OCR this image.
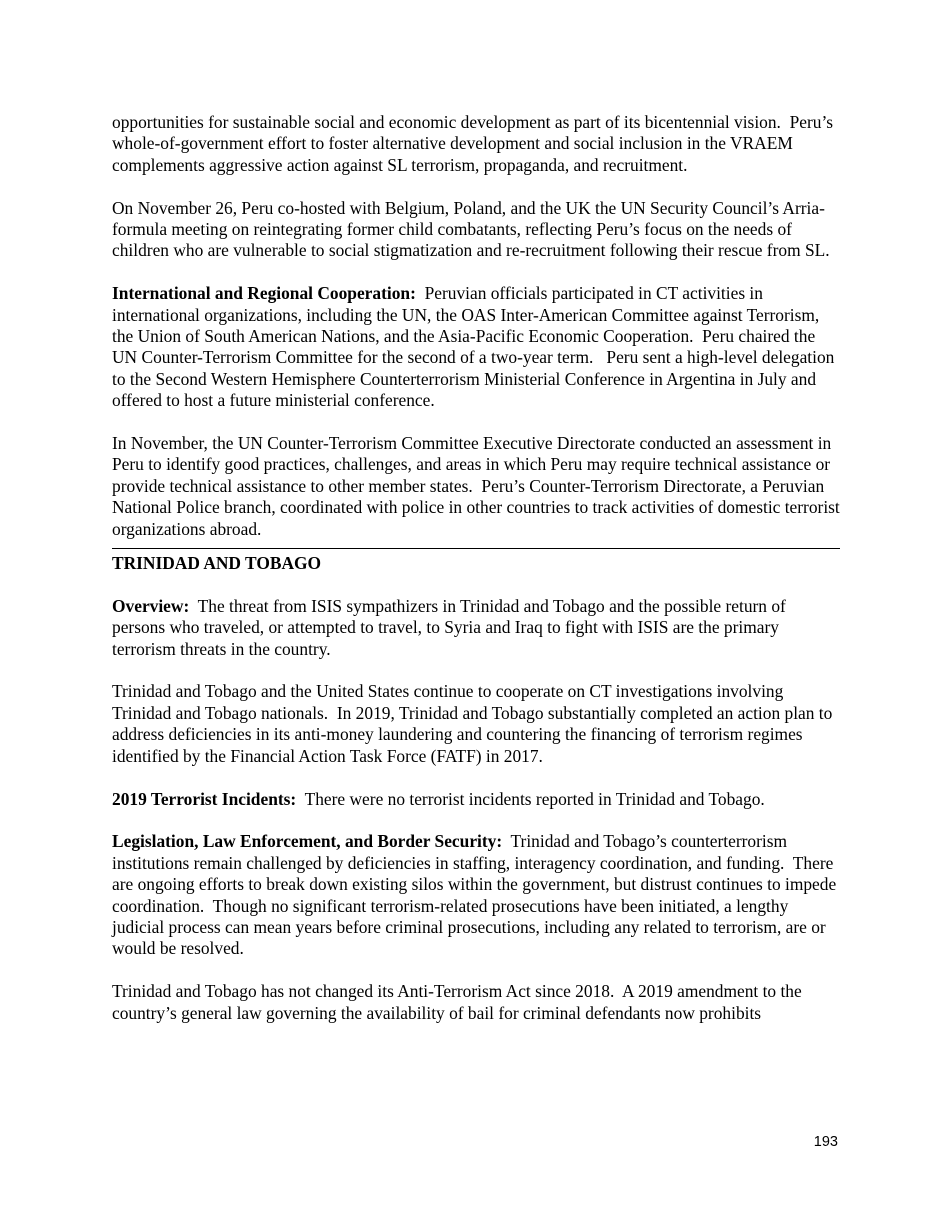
opportunities for sustainable social and economic development as part of its bicentennial vision.  Peru’s whole-of-government effort to foster alternative development and social inclusion in the VRAEM complements aggressive action against SL terrorism, propaganda, and recruitment.

On November 26, Peru co-hosted with Belgium, Poland, and the UK the UN Security Council’s Arria-formula meeting on reintegrating former child combatants, reflecting Peru’s focus on the needs of children who are vulnerable to social stigmatization and re-recruitment following their rescue from SL.

International and Regional Cooperation:  Peruvian officials participated in CT activities in international organizations, including the UN, the OAS Inter-American Committee against Terrorism, the Union of South American Nations, and the Asia-Pacific Economic Cooperation.  Peru chaired the UN Counter-Terrorism Committee for the second of a two-year term.   Peru sent a high-level delegation to the Second Western Hemisphere Counterterrorism Ministerial Conference in Argentina in July and offered to host a future ministerial conference.

In November, the UN Counter-Terrorism Committee Executive Directorate conducted an assessment in Peru to identify good practices, challenges, and areas in which Peru may require technical assistance or provide technical assistance to other member states.  Peru’s Counter-Terrorism Directorate, a Peruvian National Police branch, coordinated with police in other countries to track activities of domestic terrorist organizations abroad.

TRINIDAD AND TOBAGO

Overview:  The threat from ISIS sympathizers in Trinidad and Tobago and the possible return of persons who traveled, or attempted to travel, to Syria and Iraq to fight with ISIS are the primary terrorism threats in the country.

Trinidad and Tobago and the United States continue to cooperate on CT investigations involving Trinidad and Tobago nationals.  In 2019, Trinidad and Tobago substantially completed an action plan to address deficiencies in its anti-money laundering and countering the financing of terrorism regimes identified by the Financial Action Task Force (FATF) in 2017.

2019 Terrorist Incidents:  There were no terrorist incidents reported in Trinidad and Tobago.

Legislation, Law Enforcement, and Border Security:  Trinidad and Tobago’s counterterrorism institutions remain challenged by deficiencies in staffing, interagency coordination, and funding.  There are ongoing efforts to break down existing silos within the government, but distrust continues to impede coordination.  Though no significant terrorism-related prosecutions have been initiated, a lengthy judicial process can mean years before criminal prosecutions, including any related to terrorism, are or would be resolved.

Trinidad and Tobago has not changed its Anti-Terrorism Act since 2018.  A 2019 amendment to the country’s general law governing the availability of bail for criminal defendants now prohibits

193
